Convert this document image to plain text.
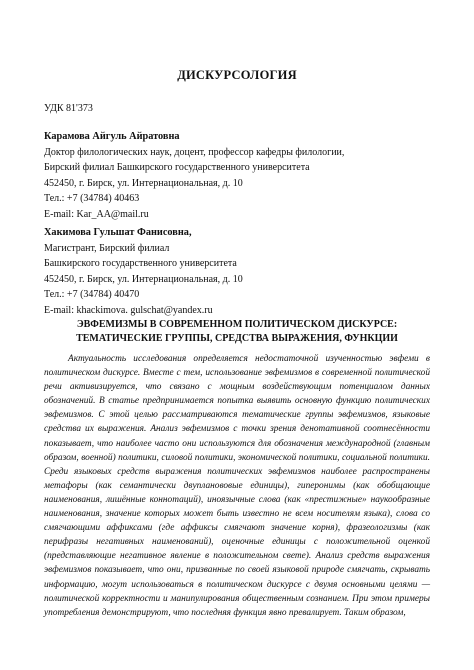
ДИСКУРСОЛОГИЯ
УДК 81'373
Карамова Айгуль Айратовна
Доктор филологических наук, доцент, профессор кафедры филологии,
Бирский филиал Башкирского государственного университета
452450, г. Бирск, ул. Интернациональная, д. 10
Тел.: +7 (34784) 40463
E-mail: Kar_AA@mail.ru
Хакимова Гульшат Фанисовна,
Магистрант, Бирский филиал
Башкирского государственного университета
452450, г. Бирск, ул. Интернациональная, д. 10
Тел.: +7 (34784) 40470
E-mail: khackimova. gulschat@yandex.ru
ЭВФЕМИЗМЫ В СОВРЕМЕННОМ ПОЛИТИЧЕСКОМ ДИСКУРСЕ:
ТЕМАТИЧЕСКИЕ ГРУППЫ, СРЕДСТВА ВЫРАЖЕНИЯ, ФУНКЦИИ

Актуальность исследования определяется недостаточной изученностью эвфеми в политическом дискурсе. Вместе с тем, использование эвфемизмов в современной политической речи активизируется, что связано с мощным воздействующим потенциалом данных обозначений. В статье предпринимается попытка выявить основную функцию политических эвфемизмов. С этой целью рассматриваются тематические группы эвфемизмов, языковые средства их выражения. Анализ эвфемизмов с точки зрения денотативной соотнесённости показывает, что наиболее часто они используются для обозначения международной (главным образом, военной) политики, силовой политики, экономической политики, социальной политики. Среди языковых средств выражения политических эвфемизмов наиболее распространены метафоры (как семантически двупланововые единицы), гиперонимы (как обобщающие наименования, лишённые коннотаций), иноязычные слова (как «престижные» наукообразные наименования, значение которых может быть известно не всем носителям языка), слова со смягчающими аффиксами (где аффиксы смягчают значение корня), фразеологизмы (как перифразы негативных наименований), оценочные единицы с положительной оценкой (представляющие негативное явление в положительном свете). Анализ средств выражения эвфемизмов показывает, что они, призванные по своей языковой природе смягчать, скрывать информацию, могут использоваться в политическом дискурсе с двумя основными целями — политической корректности и манипулирования общественным сознанием. При этом примеры употребления демонстрируют, что последняя функция явно превалирует. Таким образом,
